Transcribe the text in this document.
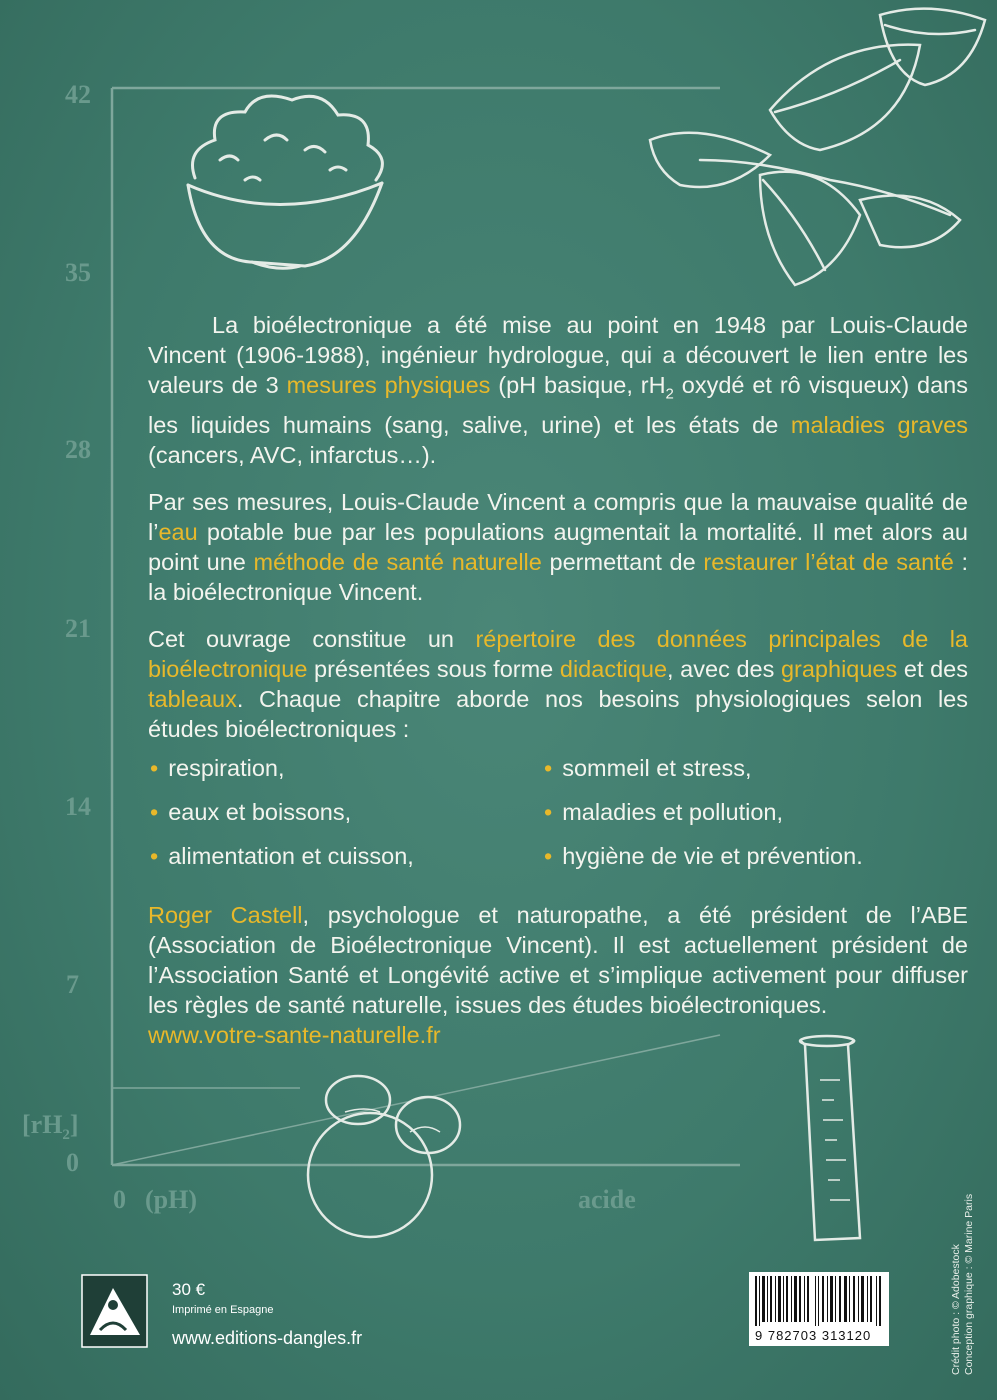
42
35
28
21
14
7
0
$[rH_2]$
0 (pH)	acide

La bioélectronique a été mise au point en 1948 par Louis-Claude Vincent (1906-1988), ingénieur hydrologue, qui a découvert le lien entre les valeurs de 3 mesures physiques (pH basique, $rH_2$ oxydé et rô visqueux) dans les liquides humains (sang, salive, urine) et les états de maladies graves (cancers, AVC, infarctus…).

Par ses mesures, Louis-Claude Vincent a compris que la mauvaise qualité de l’eau potable bue par les populations augmentait la mortalité. Il met alors au point une méthode de santé naturelle permettant de restaurer l’état de santé : la bioélectronique Vincent.

Cet ouvrage constitue un répertoire des données principales de la bioélectronique présentées sous forme didactique, avec des graphiques et des tableaux. Chaque chapitre aborde nos besoins physiologiques selon les études bioélectroniques :

• respiration,
• eaux et boissons,
• alimentation et cuisson,
• sommeil et stress,
• maladies et pollution,
• hygiène de vie et prévention.

Roger Castell, psychologue et naturopathe, a été président de l’ABE (Association de Bioélectronique Vincent). Il est actuellement président de l’Association Santé et Longévité active et s’implique activement pour diffuser les règles de santé naturelle, issues des études bioélectroniques.

www.votre-sante-naturelle.fr
30 €
Imprimé en Espagne
www.editions-dangles.fr
DANGLES	9 782703 313120	Crédit photo : © Adobestock Conception graphique : © Marine Paris
